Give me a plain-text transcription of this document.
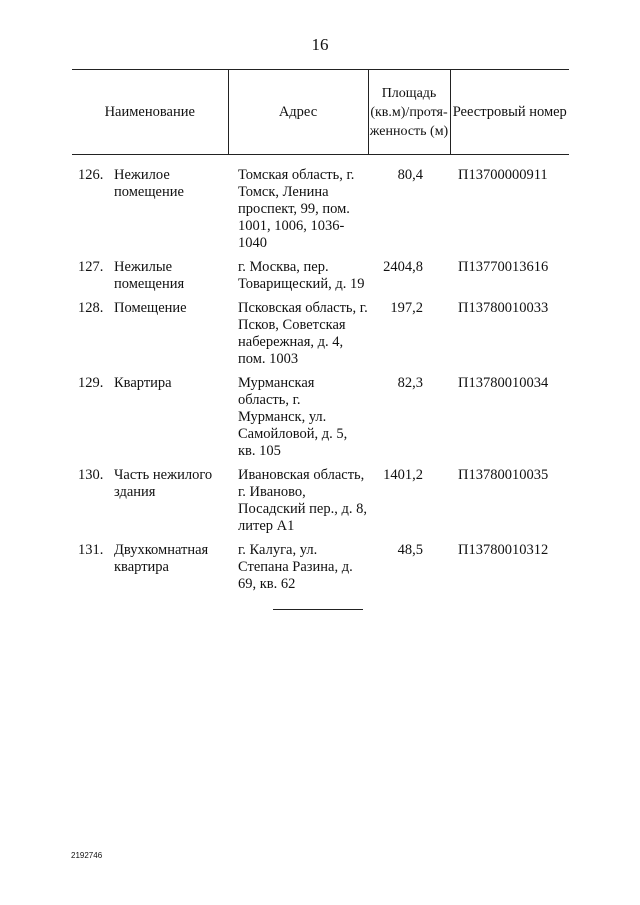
16
Наименование		Адрес	Площадь (кв.м)/протя-женность (м)	Реестровый номер
126.	Нежилое помещение	Томская область, г. Томск, Ленина проспект, 99, пом. 1001, 1006, 1036-1040	80,4	П13700000911
127.	Нежилые помещения	г. Москва, пер. Товарищеский, д. 19	2404,8	П13770013616
128.	Помещение	Псковская область, г. Псков, Советская набережная, д. 4, пом. 1003	197,2	П13780010033
129.	Квартира	Мурманская область, г. Мурманск, ул. Самойловой, д. 5, кв. 105	82,3	П13780010034
130.	Часть нежилого здания	Ивановская область, г. Иваново, Посадский пер., д. 8, литер А1	1401,2	П13780010035
131.	Двухкомнатная квартира	г. Калуга, ул. Степана Разина, д. 69, кв. 62	48,5	П13780010312
2192746
